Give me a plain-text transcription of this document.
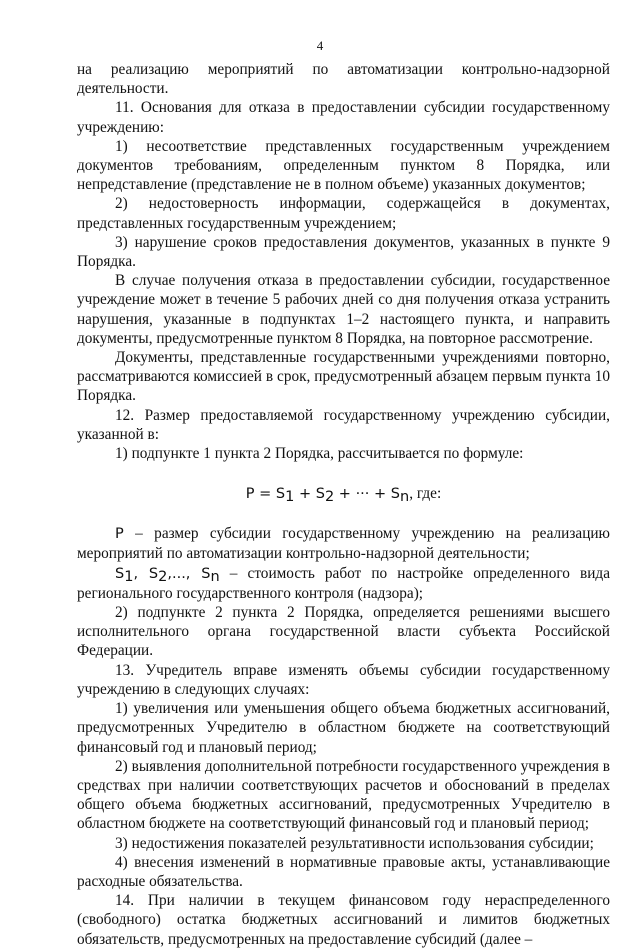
4

на реализацию мероприятий по автоматизации контрольно-надзорной деятельности.

11. Основания для отказа в предоставлении субсидии государственному учреждению:

1) несоответствие представленных государственным учреждением документов требованиям, определенным пунктом 8 Порядка, или непредставление (представление не в полном объеме) указанных документов;

2) недостоверность информации, содержащейся в документах, представленных государственным учреждением;

3) нарушение сроков предоставления документов, указанных в пункте 9 Порядка.

В случае получения отказа в предоставлении субсидии, государственное учреждение может в течение 5 рабочих дней со дня получения отказа устранить нарушения, указанные в подпунктах 1–2 настоящего пункта, и направить документы, предусмотренные пунктом 8 Порядка, на повторное рассмотрение.

Документы, представленные государственными учреждениями повторно, рассматриваются комиссией в срок, предусмотренный абзацем первым пункта 10 Порядка.

12. Размер предоставляемой государственному учреждению субсидии, указанной в:

1) подпункте 1 пункта 2 Порядка, рассчитывается по формуле:

$P = S_1 + S_2$ + ··· + $S_n$, где:

P – размер субсидии государственному учреждению на реализацию мероприятий по автоматизации контрольно-надзорной деятельности;

$S_1$, $S_2$,..., $S_n$ – стоимость работ по настройке определенного вида регионального государственного контроля (надзора);

2) подпункте 2 пункта 2 Порядка, определяется решениями высшего исполнительного органа государственной власти субъекта Российской Федерации.

13. Учредитель вправе изменять объемы субсидии государственному учреждению в следующих случаях:

1) увеличения или уменьшения общего объема бюджетных ассигнований, предусмотренных Учредителю в областном бюджете на соответствующий финансовый год и плановый период;

2) выявления дополнительной потребности государственного учреждения в средствах при наличии соответствующих расчетов и обоснований в пределах общего объема бюджетных ассигнований, предусмотренных Учредителю в областном бюджете на соответствующий финансовый год и плановый период;

3) недостижения показателей результативности использования субсидии;

4) внесения изменений в нормативные правовые акты, устанавливающие расходные обязательства.

14. При наличии в текущем финансовом году нераспределенного (свободного) остатка бюджетных ассигнований и лимитов бюджетных обязательств, предусмотренных на предоставление субсидий (далее –
